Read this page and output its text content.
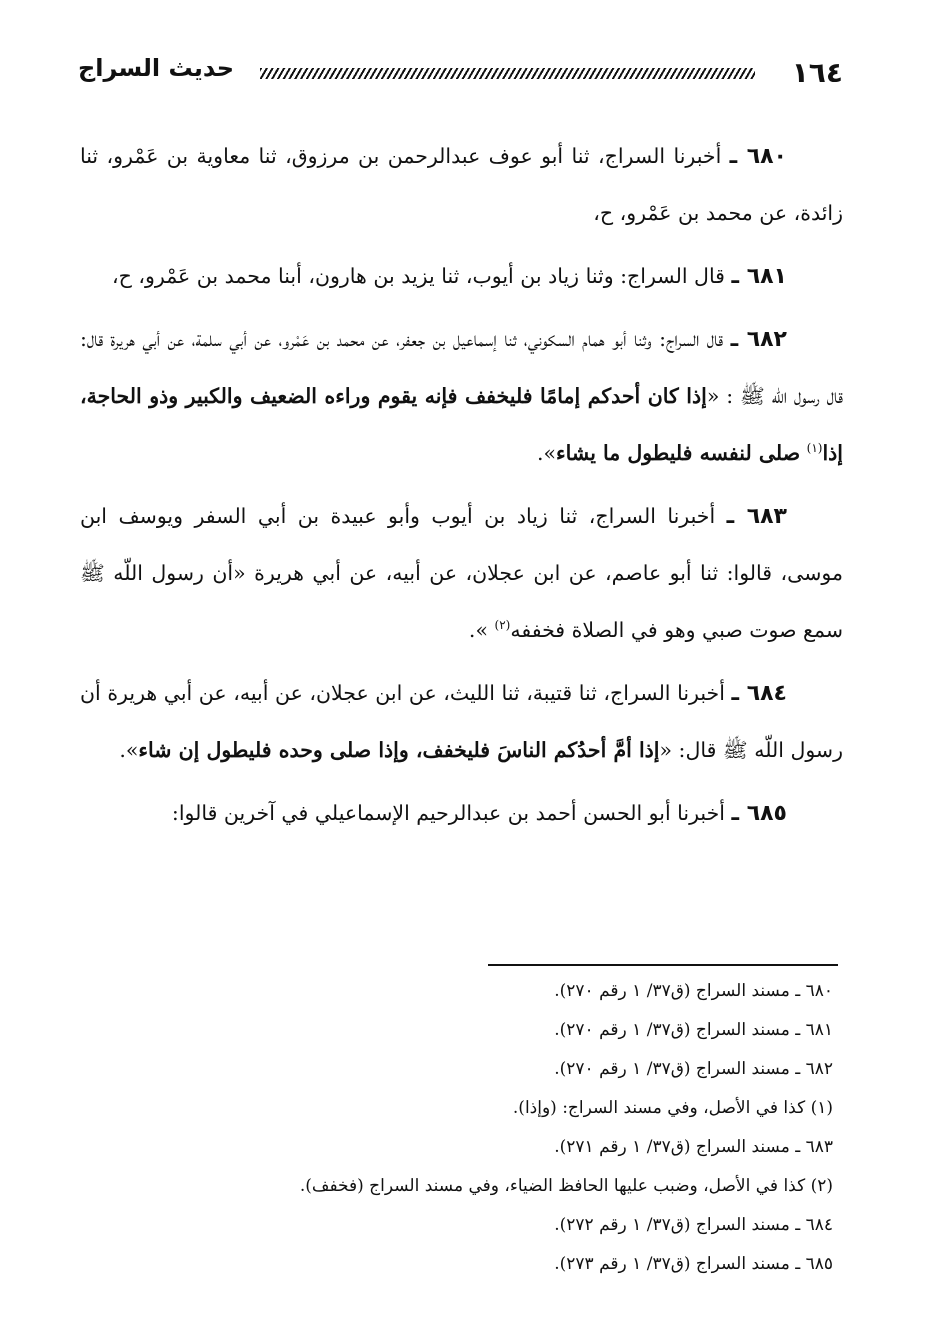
١٦٤
حديث السراج

٦٨٠ ـ أخبرنا السراج، ثنا أبو عوف عبدالرحمن بن مرزوق، ثنا معاوية بن عَمْرو، ثنا زائدة، عن محمد بن عَمْرو، ح،

٦٨١ ـ قال السراج: وثنا زياد بن أيوب، ثنا يزيد بن هارون، أبنا محمد بن عَمْرو، ح،

٦٨٢ ـ قال السراج: وثنا أبو همام السكوني، ثنا إسماعيل بن جعفر، عن محمد بن عَمْرو، عن أبي سلمة، عن أبي هريرة قال: قال رسول اللّه ﷺ : «إذا كان أحدكم إمامًا فليخفف فإنه يقوم وراءه الضعيف والكبير وذو الحاجة، إذا$^{(١)}$ صلى لنفسه فليطول ما يشاء».

٦٨٣ ـ أخبرنا السراج، ثنا زياد بن أيوب وأبو عبيدة بن أبي السفر ويوسف ابن موسى، قالوا: ثنا أبو عاصم، عن ابن عجلان، عن أبيه، عن أبي هريرة «أن رسول اللّه ﷺ سمع صوت صبي وهو في الصلاة فخففه$^{(٢)}$ ».

٦٨٤ ـ أخبرنا السراج، ثنا قتيبة، ثنا الليث، عن ابن عجلان، عن أبيه، عن أبي هريرة أن رسول اللّه ﷺ قال: «إذا أمَّ أحدُكم الناسَ فليخفف، وإذا صلى وحده فليطول إن شاء».

٦٨٥ ـ أخبرنا أبو الحسن أحمد بن عبدالرحيم الإسماعيلي في آخرين قالوا:

٦٨٠ ـ مسند السراج (ق٣٧/ ١ رقم ٢٧٠).
٦٨١ ـ مسند السراج (ق٣٧/ ١ رقم ٢٧٠).
٦٨٢ ـ مسند السراج (ق٣٧/ ١ رقم ٢٧٠).
(١) كذا في الأصل، وفي مسند السراج: (وإذا).
٦٨٣ ـ مسند السراج (ق٣٧/ ١ رقم ٢٧١).
(٢) كذا في الأصل، وضبب عليها الحافظ الضياء، وفي مسند السراج (فخفف).
٦٨٤ ـ مسند السراج (ق٣٧/ ١ رقم ٢٧٢).
٦٨٥ ـ مسند السراج (ق٣٧/ ١ رقم ٢٧٣).
